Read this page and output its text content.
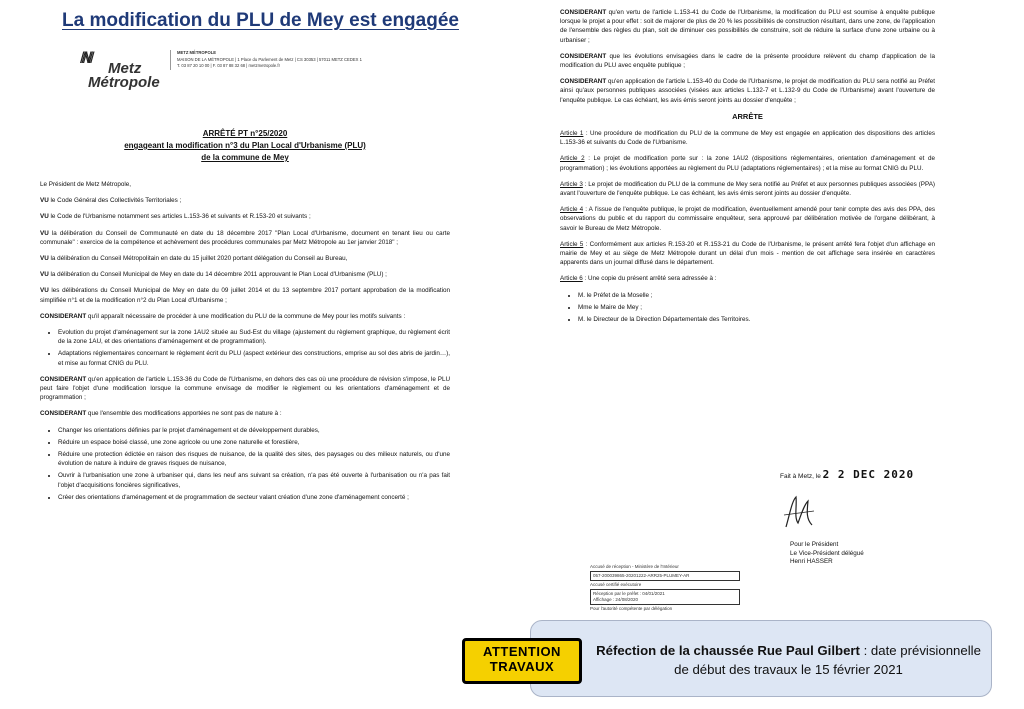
La modification du PLU de Mey est engagée
///\\///
Metz
Métropole
METZ MÉTROPOLE
MAISON DE LA MÉTROPOLE | 1 Place du Parlement de Metz | CS 30353 | 57011 METZ CEDEX 1
T. 03 87 20 10 00 | F. 03 87 88 32 68 | metzmetropole.fr
ARRÊTÉ PT n°25/2020
engageant la modification n°3 du Plan Local d'Urbanisme (PLU)
de la commune de Mey

Le Président de Metz Métropole,

VU le Code Général des Collectivités Territoriales ;

VU le Code de l'Urbanisme notamment ses articles L.153-36 et suivants et R.153-20 et suivants ;

VU la délibération du Conseil de Communauté en date du 18 décembre 2017 "Plan Local d'Urbanisme, document en tenant lieu ou carte communale" : exercice de la compétence et achèvement des procédures communales par Metz Métropole au 1er janvier 2018" ;

VU la délibération du Conseil Métropolitain en date du 15 juillet 2020 portant délégation du Conseil au Bureau,

VU la délibération du Conseil Municipal de Mey en date du 14 décembre 2011 approuvant le Plan Local d'Urbanisme (PLU) ;

VU les délibérations du Conseil Municipal de Mey en date du 09 juillet 2014 et du 13 septembre 2017 portant approbation de la modification simplifiée n°1 et de la modification n°2 du Plan Local d'Urbanisme ;

CONSIDERANT qu'il apparaît nécessaire de procéder à une modification du PLU de la commune de Mey pour les motifs suivants :

• Evolution du projet d'aménagement sur la zone 1AU2 située au Sud-Est du village (ajustement du règlement graphique, du règlement écrit de la zone 1AU, et des orientations d'aménagement et de programmation).
• Adaptations réglementaires concernant le règlement écrit du PLU (aspect extérieur des constructions, emprise au sol des abris de jardin…), et mise au format CNIG du PLU.

CONSIDERANT qu'en application de l'article L.153-36 du Code de l'Urbanisme, en dehors des cas où une procédure de révision s'impose, le PLU peut faire l'objet d'une modification lorsque la commune envisage de modifier le règlement ou les orientations d'aménagement et de programmation ;

CONSIDERANT que l'ensemble des modifications apportées ne sont pas de nature à :

• Changer les orientations définies par le projet d'aménagement et de développement durables,
• Réduire un espace boisé classé, une zone agricole ou une zone naturelle et forestière,
• Réduire une protection édictée en raison des risques de nuisance, de la qualité des sites, des paysages ou des milieux naturels, ou d'une évolution de nature à induire de graves risques de nuisance,
• Ouvrir à l'urbanisation une zone à urbaniser qui, dans les neuf ans suivant sa création, n'a pas été ouverte à l'urbanisation ou n'a pas fait l'objet d'acquisitions foncières significatives,
• Créer des orientations d'aménagement et de programmation de secteur valant création d'une zone d'aménagement concerté ;

CONSIDERANT qu'en vertu de l'article L.153-41 du Code de l'Urbanisme, la modification du PLU est soumise à enquête publique lorsque le projet a pour effet : soit de majorer de plus de 20 % les possibilités de construction résultant, dans une zone, de l'application de l'ensemble des règles du plan, soit de diminuer ces possibilités de construire, soit de réduire la surface d'une zone urbaine ou à urbaniser ;

CONSIDERANT que les évolutions envisagées dans le cadre de la présente procédure relèvent du champ d'application de la modification du PLU avec enquête publique ;

CONSIDERANT qu'en application de l'article L.153-40 du Code de l'Urbanisme, le projet de modification du PLU sera notifié au Préfet ainsi qu'aux personnes publiques associées (visées aux articles L.132-7 et L.132-9 du Code de l'Urbanisme) avant l'ouverture de l'enquête publique. Le cas échéant, les avis émis seront joints au dossier d'enquête ;

ARRÊTE

Article 1 : Une procédure de modification du PLU de la commune de Mey est engagée en application des dispositions des articles L.153-36 et suivants du Code de l'Urbanisme.

Article 2 : Le projet de modification porte sur : la zone 1AU2 (dispositions réglementaires, orientation d'aménagement et de programmation) ; les évolutions apportées au règlement du PLU (adaptations réglementaires) ; et la mise au format CNIG du PLU.

Article 3 : Le projet de modification du PLU de la commune de Mey sera notifié au Préfet et aux personnes publiques associées (PPA) avant l'ouverture de l'enquête publique. Le cas échéant, les avis émis seront joints au dossier d'enquête.

Article 4 : A l'issue de l'enquête publique, le projet de modification, éventuellement amendé pour tenir compte des avis des PPA, des observations du public et du rapport du commissaire enquêteur, sera approuvé par délibération motivée de l'organe délibérant, à savoir le Bureau de Metz Métropole.

Article 5 : Conformément aux articles R.153-20 et R.153-21 du Code de l'Urbanisme, le présent arrêté fera l'objet d'un affichage en mairie de Mey et au siège de Metz Métropole durant un délai d'un mois - mention de cet affichage sera insérée en caractères apparents dans un journal diffusé dans le département.

Article 6 : Une copie du présent arrêté sera adressée à :

• M. le Préfet de la Moselle ;
• Mme le Maire de Mey ;
• M. le Directeur de la Direction Départementale des Territoires.
Fait à Metz, le 2 2 DEC 2020
Pour le Président
Le Vice-Président délégué
Henri HASSER
Accusé de réception - Ministère de l'Intérieur
057-200039865-20201222-ARR25-PLUMEY-AR
Accusé certifié exécutoire
Réception par le préfet : 04/01/2021
Affichage : 24/08/2020
Pour l'autorité compétente par délégation
Réfection de la chaussée Rue Paul Gilbert : date prévisionnelle de début des travaux le 15 février 2021
ATTENTION
TRAVAUX
